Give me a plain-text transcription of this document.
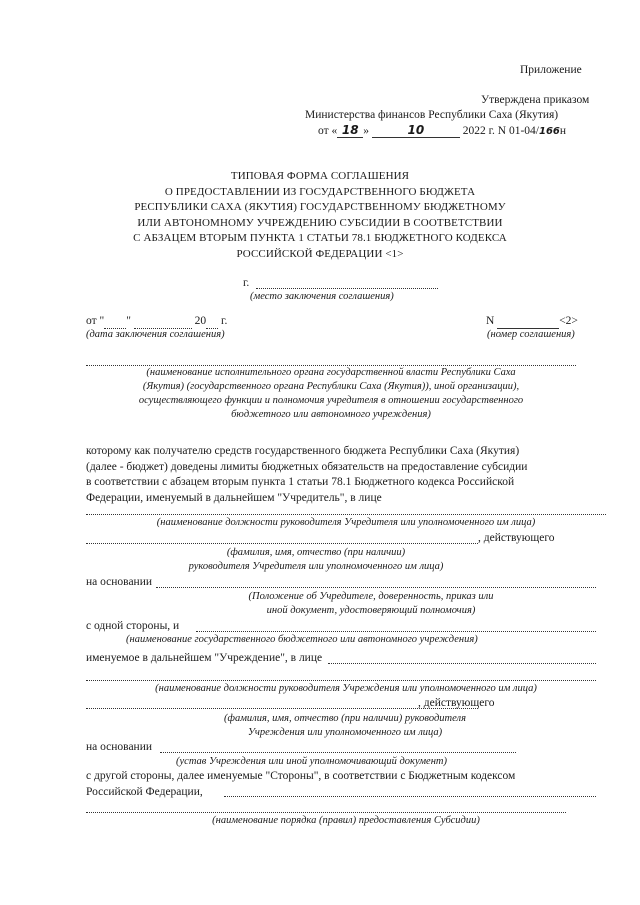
Приложение
Утверждена приказом
Министерства финансов Республики Саха (Якутия)
от « 18 »	10	2022 г. N 01-04/166н
ТИПОВАЯ ФОРМА СОГЛАШЕНИЯ
О ПРЕДОСТАВЛЕНИИ ИЗ ГОСУДАРСТВЕННОГО БЮДЖЕТА
РЕСПУБЛИКИ САХА (ЯКУТИЯ) ГОСУДАРСТВЕННОМУ БЮДЖЕТНОМУ
ИЛИ АВТОНОМНОМУ УЧРЕЖДЕНИЮ СУБСИДИИ В СООТВЕТСТВИИ
С АБЗАЦЕМ ВТОРЫМ ПУНКТА 1 СТАТЬИ 78.1 БЮДЖЕТНОГО КОДЕКСА
РОССИЙСКОЙ ФЕДЕРАЦИИ <1>
г.
(место заключения соглашения)
от " "	20 г.
(дата заключения соглашения)
N	<2>
(номер соглашения)
(наименование исполнительного органа государственной власти Республики Саха
(Якутия) (государственного органа Республики Саха (Якутия)), иной организации),
осуществляющего функции и полномочия учредителя в отношении государственного
бюджетного или автономного учреждения)
которому как получателю средств государственного бюджета Республики Саха (Якутия)
(далее - бюджет) доведены лимиты бюджетных обязательств на предоставление субсидии
в соответствии с абзацем вторым пункта 1 статьи 78.1 Бюджетного кодекса Российской
Федерации, именуемый в дальнейшем "Учредитель", в лице
(наименование должности руководителя Учредителя или уполномоченного им лица)
, действующего
(фамилия, имя, отчество (при наличии)
руководителя Учредителя или уполномоченного им лица)
на основании
(Положение об Учредителе, доверенность, приказ или
иной документ, удостоверяющий полномочия)
с одной стороны, и
(наименование государственного бюджетного или автономного учреждения)
именуемое в дальнейшем "Учреждение", в лице
(наименование должности руководителя Учреждения или уполномоченного им лица)
, действующего
(фамилия, имя, отчество (при наличии) руководителя
Учреждения или уполномоченного им лица)
на основании
(устав Учреждения или иной уполномочивающий документ)
с другой стороны, далее именуемые "Стороны", в соответствии с Бюджетным кодексом
Российской Федерации,
(наименование порядка (правил) предоставления Субсидии)
